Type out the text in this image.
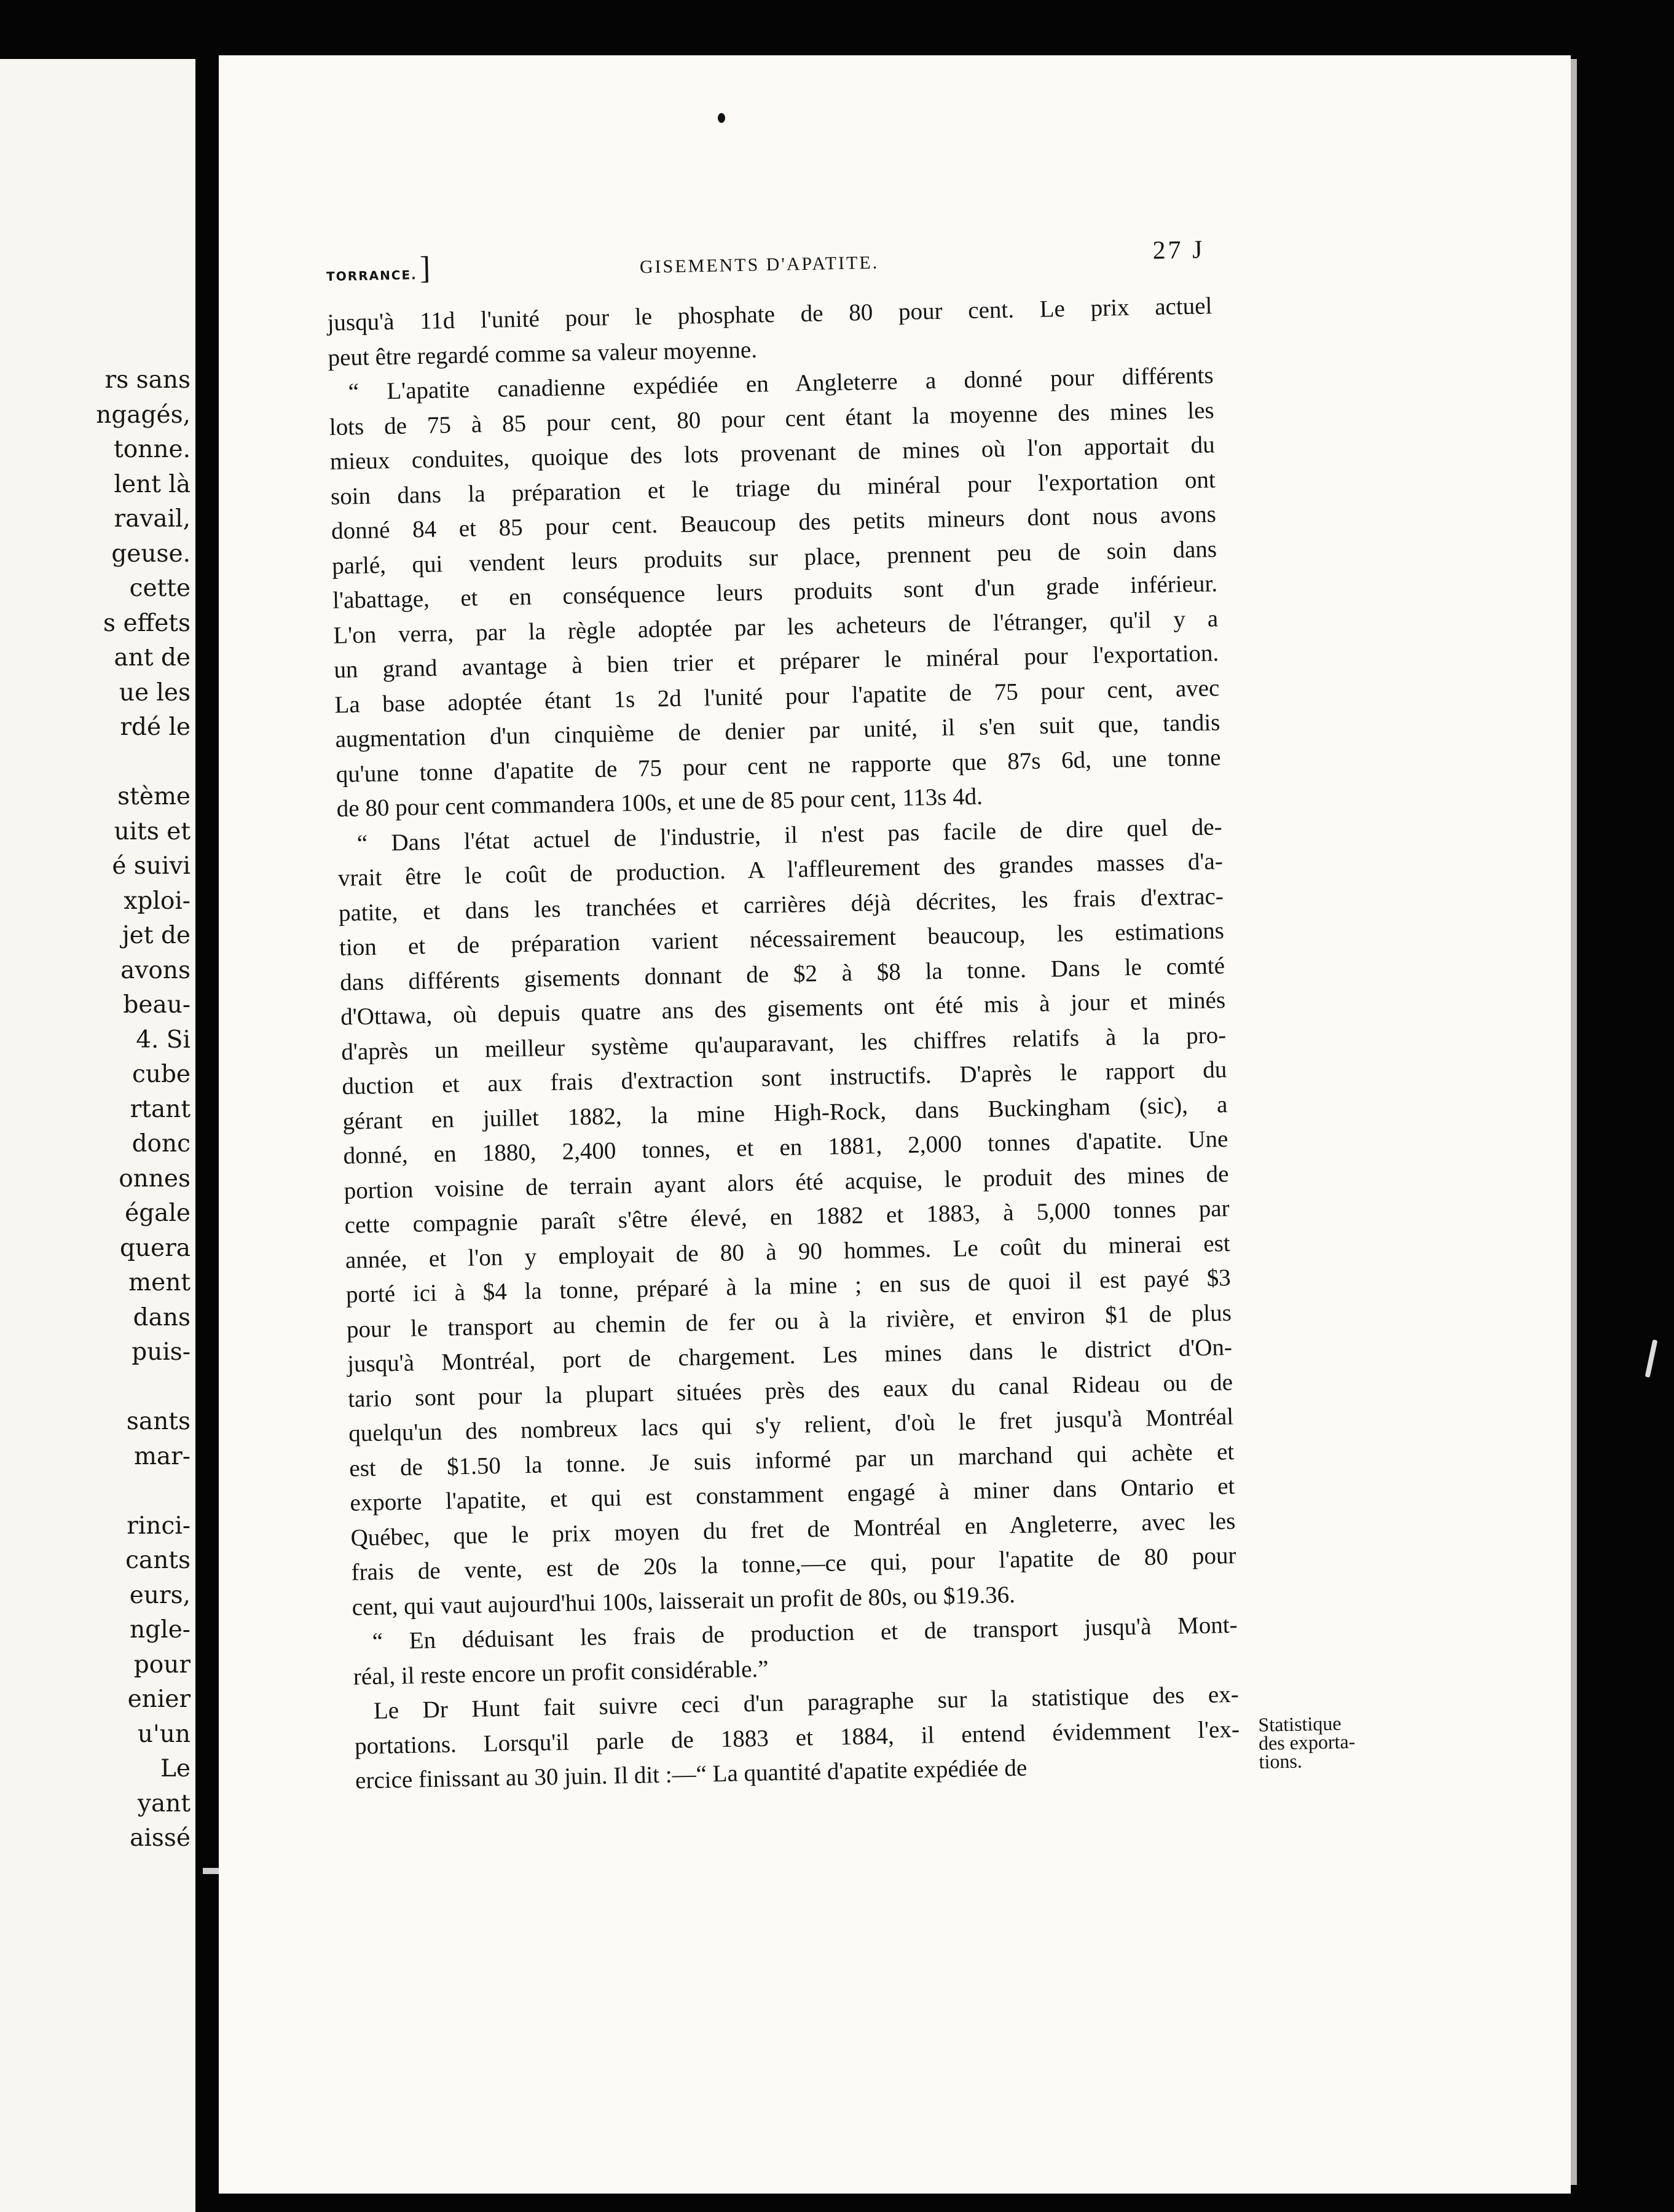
rs sans
ngagés,
tonne.
lent là
ravail,
geuse.
cette
s effets
ant de
ue les
rdé le
stème
uits et
é suivi
xploi-
jet de
avons
beau-
4. Si
cube
rtant
donc
onnes
égale
quera
ment
dans
puis-
sants
mar-
rinci-
cants
eurs,
ngle-
pour
enier
u'un
Le
yant
aissé
TORRANCE. ]	GISEMENTS D'APATITE.	27 J
jusqu'à 11d l'unité pour le phosphate de 80 pour cent. Le prix actuel
peut être regardé comme sa valeur moyenne.
“ L'apatite canadienne expédiée en Angleterre a donné pour différents
lots de 75 à 85 pour cent, 80 pour cent étant la moyenne des mines les
mieux conduites, quoique des lots provenant de mines où l'on apportait du
soin dans la préparation et le triage du minéral pour l'exportation ont
donné 84 et 85 pour cent. Beaucoup des petits mineurs dont nous avons
parlé, qui vendent leurs produits sur place, prennent peu de soin dans
l'abattage, et en conséquence leurs produits sont d'un grade inférieur.
L'on verra, par la règle adoptée par les acheteurs de l'étranger, qu'il y a
un grand avantage à bien trier et préparer le minéral pour l'exportation.
La base adoptée étant 1s 2d l'unité pour l'apatite de 75 pour cent, avec
augmentation d'un cinquième de denier par unité, il s'en suit que, tandis
qu'une tonne d'apatite de 75 pour cent ne rapporte que 87s 6d, une tonne
de 80 pour cent commandera 100s, et une de 85 pour cent, 113s 4d.
“ Dans l'état actuel de l'industrie, il n'est pas facile de dire quel de-
vrait être le coût de production. A l'affleurement des grandes masses d'a-
patite, et dans les tranchées et carrières déjà décrites, les frais d'extrac-
tion et de préparation varient nécessairement beaucoup, les estimations
dans différents gisements donnant de $2 à $8 la tonne. Dans le comté
d'Ottawa, où depuis quatre ans des gisements ont été mis à jour et minés
d'après un meilleur système qu'auparavant, les chiffres relatifs à la pro-
duction et aux frais d'extraction sont instructifs. D'après le rapport du
gérant en juillet 1882, la mine High-Rock, dans Buckingham (sic), a
donné, en 1880, 2,400 tonnes, et en 1881, 2,000 tonnes d'apatite. Une
portion voisine de terrain ayant alors été acquise, le produit des mines de
cette compagnie paraît s'être élevé, en 1882 et 1883, à 5,000 tonnes par
année, et l'on y employait de 80 à 90 hommes. Le coût du minerai est
porté ici à $4 la tonne, préparé à la mine ; en sus de quoi il est payé $3
pour le transport au chemin de fer ou à la rivière, et environ $1 de plus
jusqu'à Montréal, port de chargement. Les mines dans le district d'On-
tario sont pour la plupart situées près des eaux du canal Rideau ou de
quelqu'un des nombreux lacs qui s'y relient, d'où le fret jusqu'à Montréal
est de $1.50 la tonne. Je suis informé par un marchand qui achète et
exporte l'apatite, et qui est constamment engagé à miner dans Ontario et
Québec, que le prix moyen du fret de Montréal en Angleterre, avec les
frais de vente, est de 20s la tonne,—ce qui, pour l'apatite de 80 pour
cent, qui vaut aujourd'hui 100s, laisserait un profit de 80s, ou $19.36.
“ En déduisant les frais de production et de transport jusqu'à Mont-
réal, il reste encore un profit considérable.”
Le Dr Hunt fait suivre ceci d'un paragraphe sur la statistique des ex-
portations. Lorsqu'il parle de 1883 et 1884, il entend évidemment l'ex-
ercice finissant au 30 juin. Il dit :—“ La quantité d'apatite expédiée de
Statistique
des exporta-
tions.
